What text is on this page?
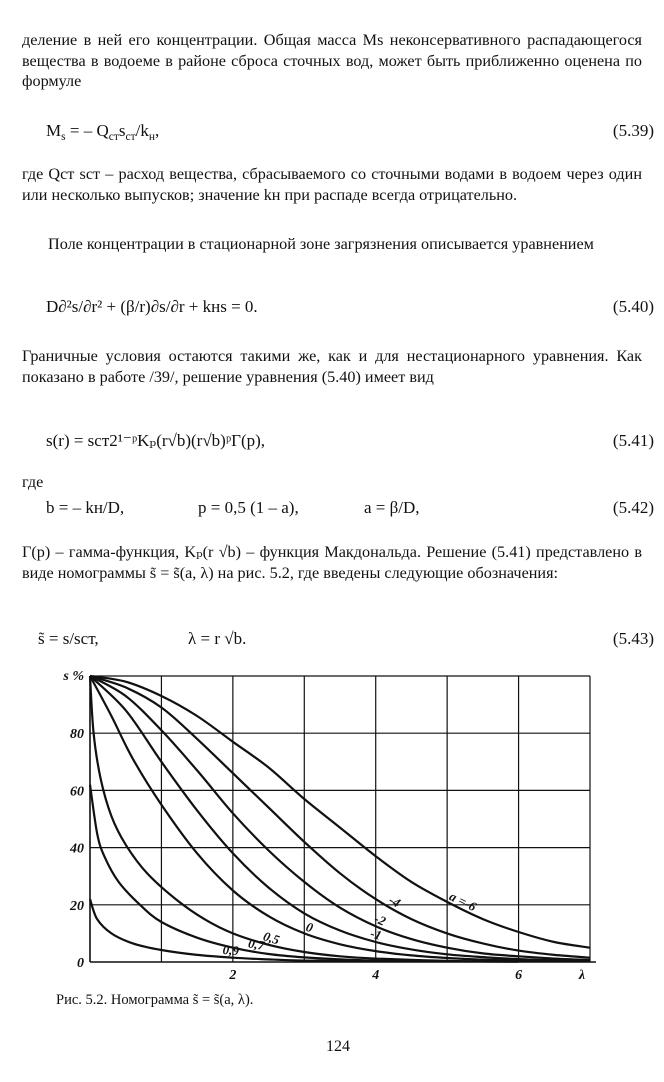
деление в ней его концентрации. Общая масса Ms неконсервативного распадающегося вещества в водоеме в районе сброса сточных вод, может быть приближенно оценена по формуле
$M_s$ = – $Q_{ст}s_{ст}/k_н$,	(5.39)
где Qст sст – расход вещества, сбрасываемого со сточными водами в водоем через один или несколько выпусков; значение kн при распаде всегда отрицательно.
Поле концентрации в стационарной зоне загрязнения описывается уравнением
D∂²s/∂r² + (β/r)∂s/∂r + kнs = 0.	(5.40)
Граничные условия остаются такими же, как и для нестационарного уравнения. Как показано в работе /39/, решение уравнения (5.40) имеет вид
s(r) = sст2¹⁻ᵖKₚ(r√b)(r√b)ᵖΓ(p),	(5.41)
где
b = – kн/D,	p = 0,5 (1 – a),	a = β/D,	(5.42)
Γ(p) – гамма-функция, Kₚ(r √b) – функция Макдональда. Решение (5.41) представлено в виде номограммы s̃ = s̃(a, λ) на рис. 5.2, где введены следующие обозначения:
s̃ = s/sст,	λ = r √b.	(5.43)
0
20
40
60
80
s %
2	4	6	λ
a =-6
-4
-2
-1
0
0,5
0,7
0,9
Рис. 5.2. Номограмма s̃ = s̃(a, λ).
124
